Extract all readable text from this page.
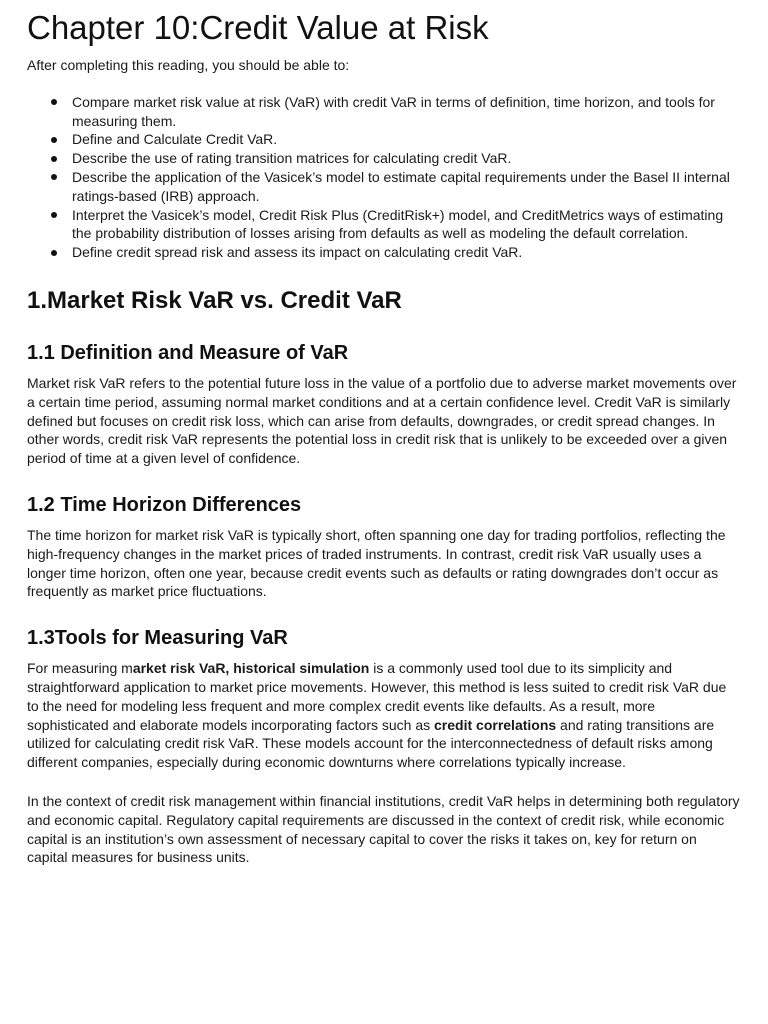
Chapter 10:Credit Value at Risk

After completing this reading, you should be able to:

Compare market risk value at risk (VaR) with credit VaR in terms of definition, time horizon, and tools for measuring them.
Define and Calculate Credit VaR.
Describe the use of rating transition matrices for calculating credit VaR.
Describe the application of the Vasicek’s model to estimate capital requirements under the Basel II internal ratings-based (IRB) approach.
Interpret the Vasicek’s model, Credit Risk Plus (CreditRisk+) model, and CreditMetrics ways of estimating the probability distribution of losses arising from defaults as well as modeling the default correlation.
Define credit spread risk and assess its impact on calculating credit VaR.
1.Market Risk VaR vs. Credit VaR
1.1 Definition and Measure of VaR

Market risk VaR refers to the potential future loss in the value of a portfolio due to adverse market movements over a certain time period, assuming normal market conditions and at a certain confidence level. Credit VaR is similarly defined but focuses on credit risk loss, which can arise from defaults, downgrades, or credit spread changes. In other words, credit risk VaR represents the potential loss in credit risk that is unlikely to be exceeded over a given period of time at a given level of confidence.

1.2 Time Horizon Differences

The time horizon for market risk VaR is typically short, often spanning one day for trading portfolios, reflecting the high-frequency changes in the market prices of traded instruments. In contrast, credit risk VaR usually uses a longer time horizon, often one year, because credit events such as defaults or rating downgrades don’t occur as frequently as market price fluctuations.

1.3Tools for Measuring VaR

For measuring market risk VaR, historical simulation is a commonly used tool due to its simplicity and straightforward application to market price movements. However, this method is less suited to credit risk VaR due to the need for modeling less frequent and more complex credit events like defaults. As a result, more sophisticated and elaborate models incorporating factors such as credit correlations and rating transitions are utilized for calculating credit risk VaR. These models account for the interconnectedness of default risks among different companies, especially during economic downturns where correlations typically increase.

In the context of credit risk management within financial institutions, credit VaR helps in determining both regulatory and economic capital. Regulatory capital requirements are discussed in the context of credit risk, while economic capital is an institution’s own assessment of necessary capital to cover the risks it takes on, key for return on capital measures for business units.
